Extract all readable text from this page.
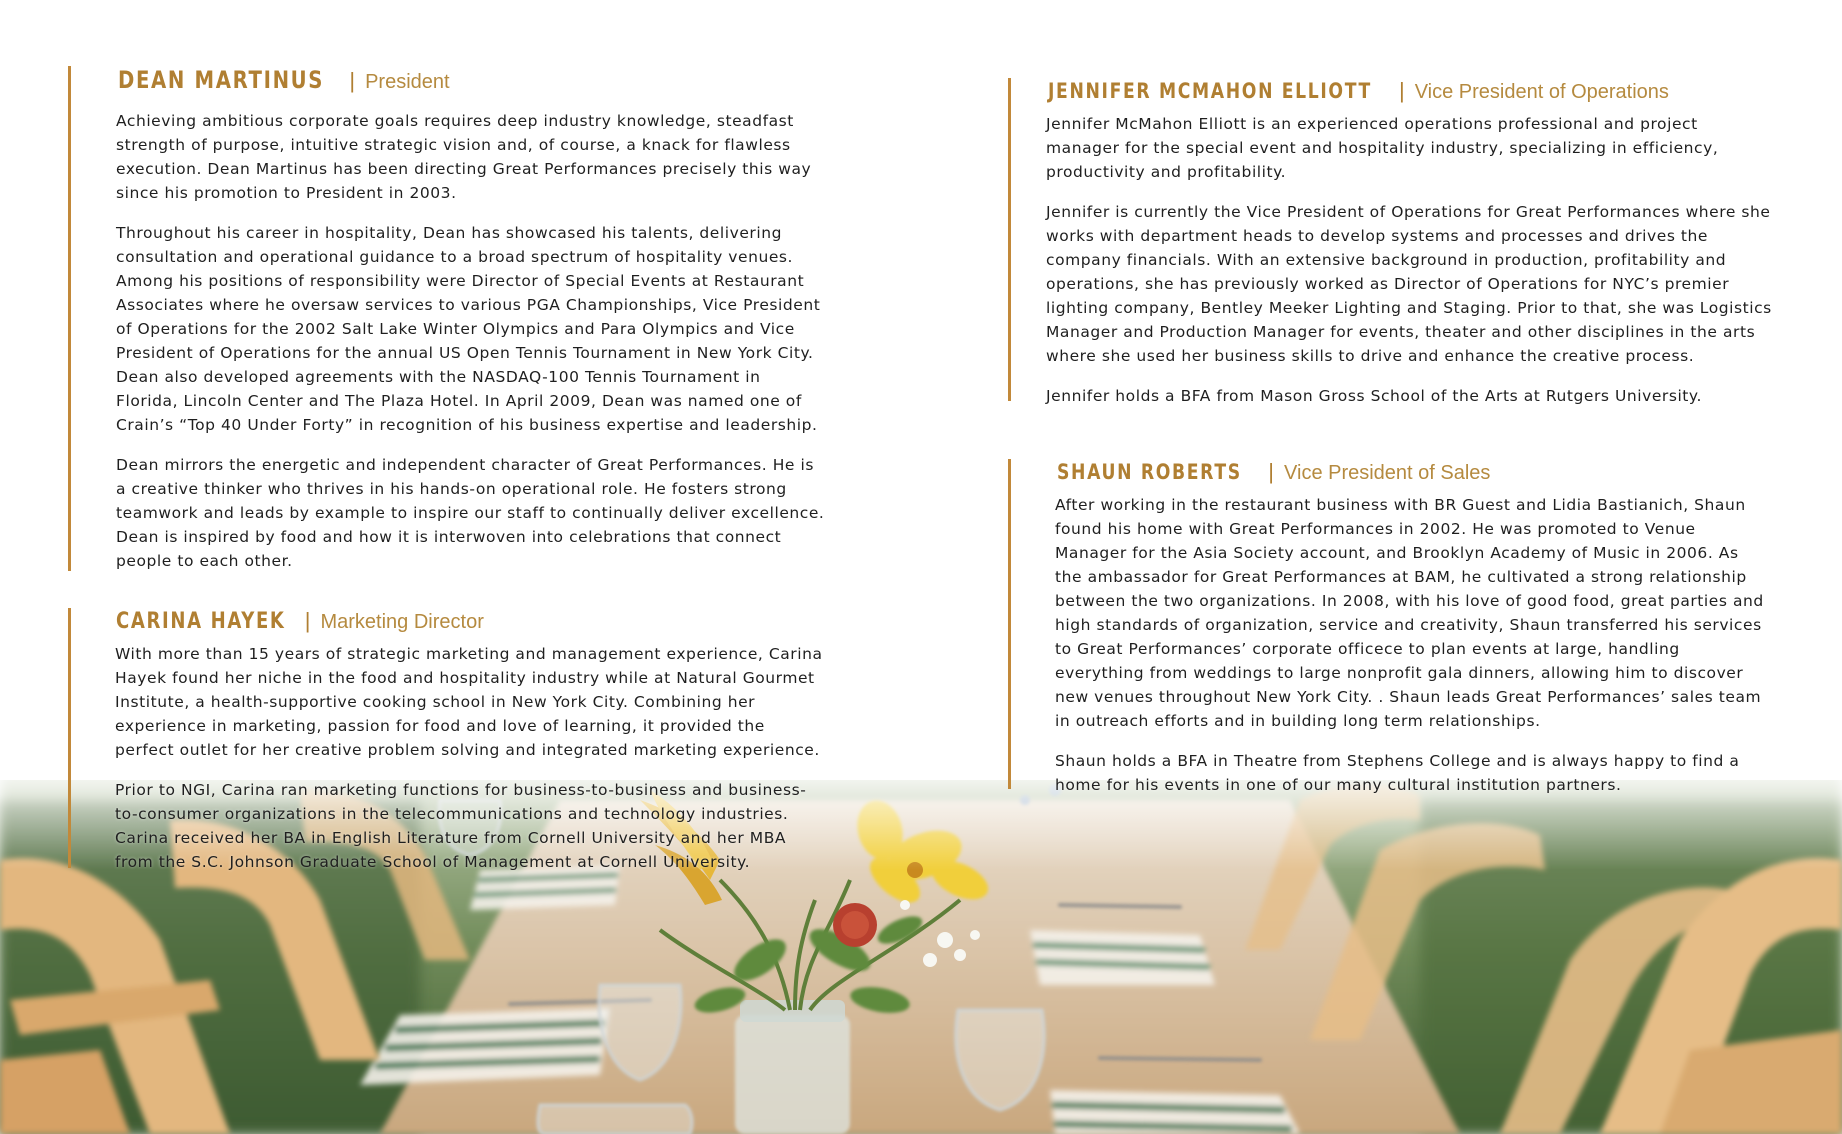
DEAN MARTINUS | President

Achieving ambitious corporate goals requires deep industry knowledge, steadfast strength of purpose, intuitive strategic vision and, of course, a knack for flawless execution. Dean Martinus has been directing Great Performances precisely this way since his promotion to President in 2003.

Throughout his career in hospitality, Dean has showcased his talents, delivering consultation and operational guidance to a broad spectrum of hospitality venues. Among his positions of responsibility were Director of Special Events at Restaurant Associates where he oversaw services to various PGA Championships, Vice President of Operations for the 2002 Salt Lake Winter Olympics and Para Olympics and Vice President of Operations for the annual US Open Tennis Tournament in New York City. Dean also developed agreements with the NASDAQ-100 Tennis Tournament in Florida, Lincoln Center and The Plaza Hotel. In April 2009, Dean was named one of Crain’s “Top 40 Under Forty” in recognition of his business expertise and leadership.

Dean mirrors the energetic and independent character of Great Performances. He is a creative thinker who thrives in his hands-on operational role. He fosters strong teamwork and leads by example to inspire our staff to continually deliver excellence. Dean is inspired by food and how it is interwoven into celebrations that connect people to each other.

CARINA HAYEK | Marketing Director

With more than 15 years of strategic marketing and management experience, Carina Hayek found her niche in the food and hospitality industry while at Natural Gourmet Institute, a health-supportive cooking school in New York City. Combining her experience in marketing, passion for food and love of learning, it provided the perfect outlet for her creative problem solving and integrated marketing experience.

Prior to NGI, Carina ran marketing functions for business-to-business and business-to-consumer organizations in the telecommunications and technology industries. Carina received her BA in English Literature from Cornell University and her MBA from the S.C. Johnson Graduate School of Management at Cornell University.

JENNIFER MCMAHON ELLIOTT | Vice President of Operations

Jennifer McMahon Elliott is an experienced operations professional and project manager for the special event and hospitality industry, specializing in efficiency, productivity and profitability.

Jennifer is currently the Vice President of Operations for Great Performances where she works with department heads to develop systems and processes and drives the company financials. With an extensive background in production, profitability and operations, she has previously worked as Director of Operations for NYC’s premier lighting company, Bentley Meeker Lighting and Staging. Prior to that, she was Logistics Manager and Production Manager for events, theater and other disciplines in the arts where she used her business skills to drive and enhance the creative process.

Jennifer holds a BFA from Mason Gross School of the Arts at Rutgers University.

SHAUN ROBERTS | Vice President of Sales

After working in the restaurant business with BR Guest and Lidia Bastianich, Shaun found his home with Great Performances in 2002. He was promoted to Venue Manager for the Asia Society account, and Brooklyn Academy of Music in 2006. As the ambassador for Great Performances at BAM, he cultivated a strong relationship between the two organizations. In 2008, with his love of good food, great parties and high standards of organization, service and creativity, Shaun transferred his services to Great Performances’ corporate officece to plan events at large, handling everything from weddings to large nonprofit gala dinners, allowing him to discover new venues throughout New York City. . Shaun leads Great Performances’ sales team in outreach efforts and in building long term relationships.

Shaun holds a BFA in Theatre from Stephens College and is always happy to find a home for his events in one of our many cultural institution partners.
